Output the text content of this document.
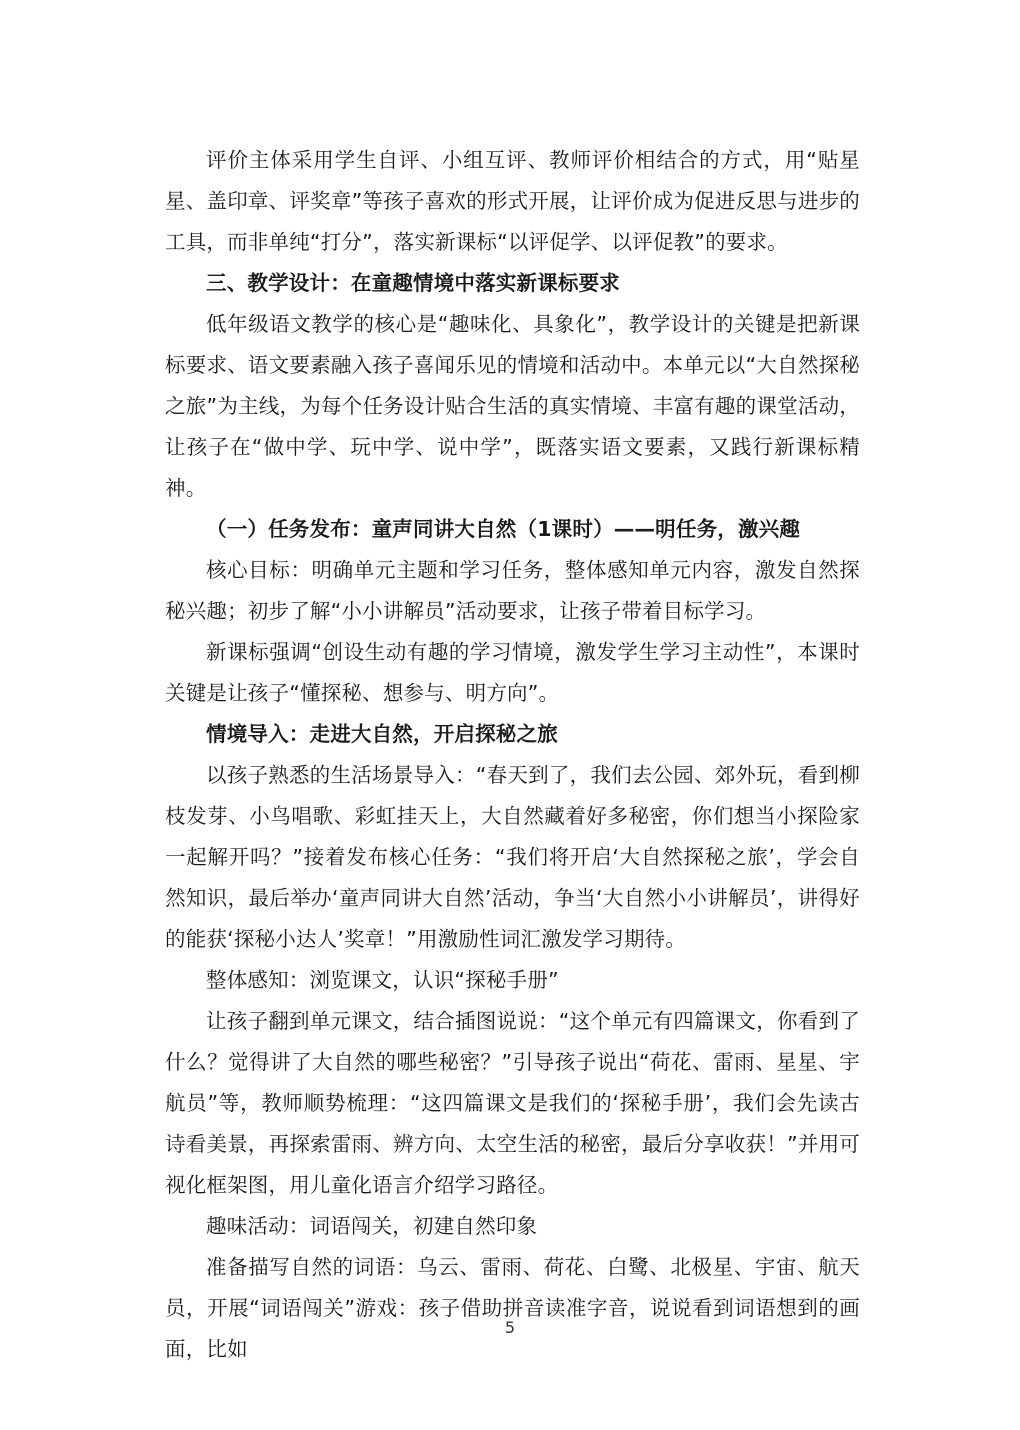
评价主体采用学生自评、小组互评、教师评价相结合的方式，用“贴星星、盖印章、评奖章”等孩子喜欢的形式开展，让评价成为促进反思与进步的工具，而非单纯“打分”，落实新课标“以评促学、以评促教”的要求。

三、教学设计：在童趣情境中落实新课标要求

低年级语文教学的核心是“趣味化、具象化”，教学设计的关键是把新课标要求、语文要素融入孩子喜闻乐见的情境和活动中。本单元以“大自然探秘之旅”为主线，为每个任务设计贴合生活的真实情境、丰富有趣的课堂活动，让孩子在“做中学、玩中学、说中学”，既落实语文要素，又践行新课标精神。

（一）任务发布：童声同讲大自然（1课时）——明任务，激兴趣

核心目标：明确单元主题和学习任务，整体感知单元内容，激发自然探秘兴趣；初步了解“小小讲解员”活动要求，让孩子带着目标学习。

新课标强调“创设生动有趣的学习情境，激发学生学习主动性”，本课时关键是让孩子“懂探秘、想参与、明方向”。

情境导入：走进大自然，开启探秘之旅

以孩子熟悉的生活场景导入：“春天到了，我们去公园、郊外玩，看到柳枝发芽、小鸟唱歌、彩虹挂天上，大自然藏着好多秘密，你们想当小探险家一起解开吗？”接着发布核心任务：“我们将开启‘大自然探秘之旅’，学会自然知识，最后举办‘童声同讲大自然’活动，争当‘大自然小小讲解员’，讲得好的能获‘探秘小达人’奖章！”用激励性词汇激发学习期待。

整体感知：浏览课文，认识“探秘手册”

让孩子翻到单元课文，结合插图说说：“这个单元有四篇课文，你看到了什么？觉得讲了大自然的哪些秘密？”引导孩子说出“荷花、雷雨、星星、宇航员”等，教师顺势梳理：“这四篇课文是我们的‘探秘手册’，我们会先读古诗看美景，再探索雷雨、辨方向、太空生活的秘密，最后分享收获！”并用可视化框架图，用儿童化语言介绍学习路径。

趣味活动：词语闯关，初建自然印象

准备描写自然的词语：乌云、雷雨、荷花、白鹭、北极星、宇宙、航天员，开展“词语闯关”游戏：孩子借助拼音读准字音，说说看到词语想到的画面，比如

5
